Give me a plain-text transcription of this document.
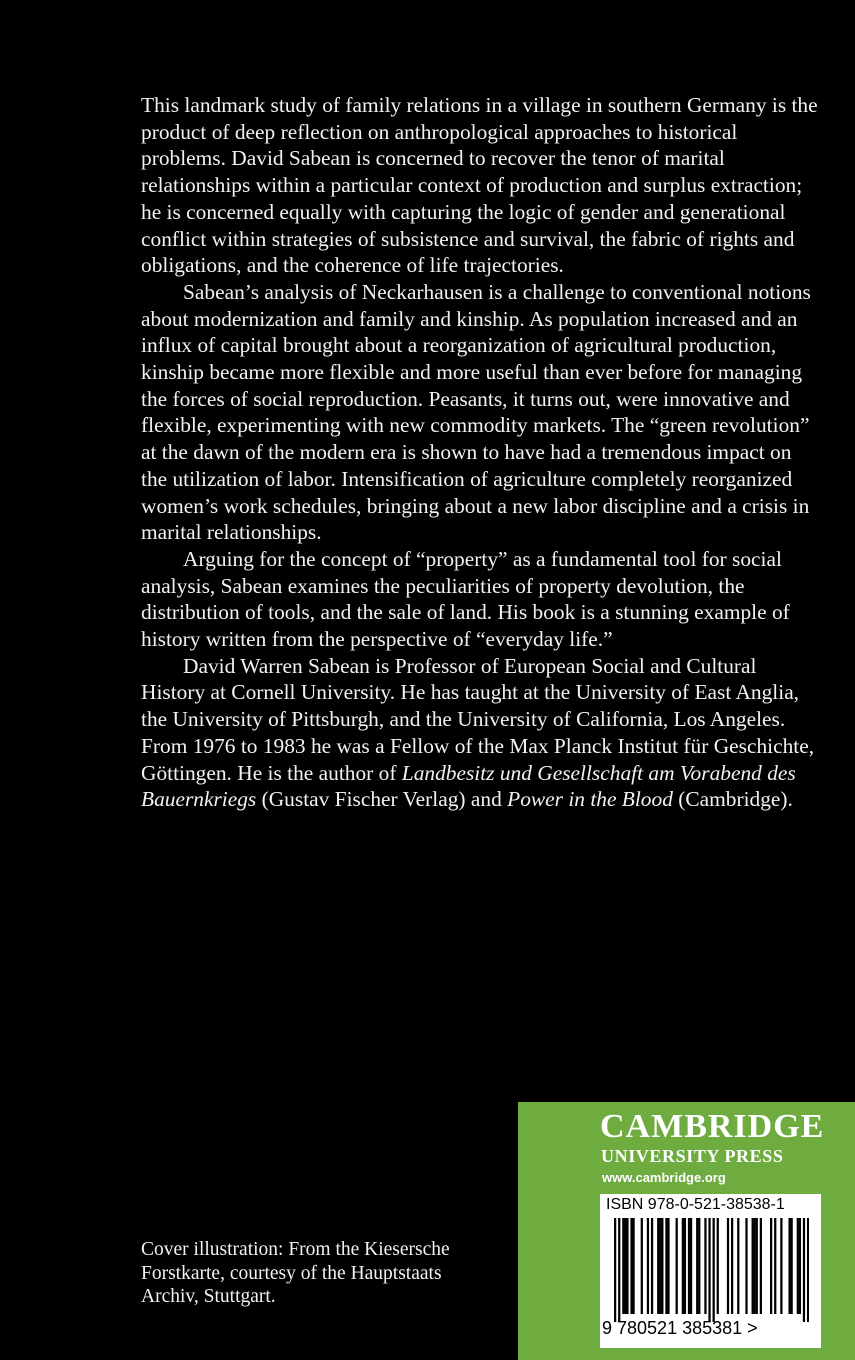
This landmark study of family relations in a village in southern Germany is the product of deep reflection on anthropological approaches to historical problems. David Sabean is concerned to recover the tenor of marital relationships within a particular context of production and surplus extraction; he is concerned equally with capturing the logic of gender and generational conflict within strategies of subsistence and survival, the fabric of rights and obligations, and the coherence of life trajectories.

Sabean’s analysis of Neckarhausen is a challenge to conventional notions about modernization and family and kinship. As population increased and an influx of capital brought about a reorganization of agricultural production, kinship became more flexible and more useful than ever before for managing the forces of social reproduction. Peasants, it turns out, were innovative and flexible, experimenting with new commodity markets. The “green revolution” at the dawn of the modern era is shown to have had a tremendous impact on the utilization of labor. Intensification of agriculture completely reorganized women’s work schedules, bringing about a new labor discipline and a crisis in marital relationships.

Arguing for the concept of “property” as a fundamental tool for social analysis, Sabean examines the peculiarities of property devolution, the distribution of tools, and the sale of land. His book is a stunning example of history written from the perspective of “everyday life.”

David Warren Sabean is Professor of European Social and Cultural History at Cornell University. He has taught at the University of East Anglia, the University of Pittsburgh, and the University of California, Los Angeles. From 1976 to 1983 he was a Fellow of the Max Planck Institut für Geschichte, Göttingen. He is the author of Landbesitz und Gesellschaft am Vorabend des Bauernkriegs (Gustav Fischer Verlag) and Power in the Blood (Cambridge).

Cover illustration: From the Kiesersche Forstkarte, courtesy of the Hauptstaats Archiv, Stuttgart.
CAMBRIDGE
UNIVERSITY PRESS
www.cambridge.org
ISBN 978-0-521-38538-1
9 780521 385381 >
